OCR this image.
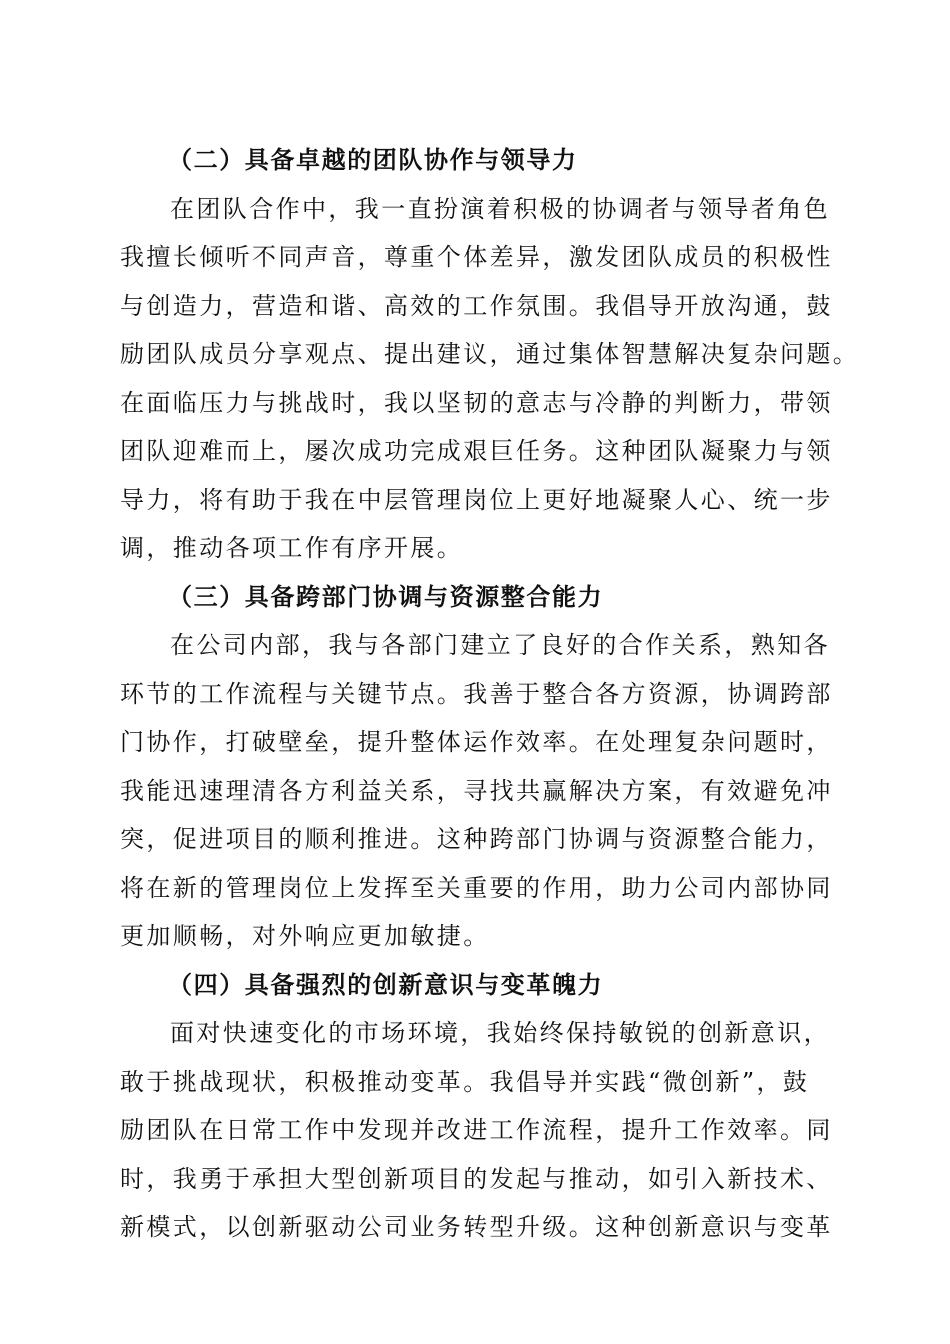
（二）具备卓越的团队协作与领导力
在团队合作中，我一直扮演着积极的协调者与领导者角色
我擅长倾听不同声音，尊重个体差异，激发团队成员的积极性
与创造力，营造和谐、高效的工作氛围。我倡导开放沟通，鼓
励团队成员分享观点、提出建议，通过集体智慧解决复杂问题。
在面临压力与挑战时，我以坚韧的意志与冷静的判断力，带领
团队迎难而上，屡次成功完成艰巨任务。这种团队凝聚力与领
导力，将有助于我在中层管理岗位上更好地凝聚人心、统一步
调，推动各项工作有序开展。
（三）具备跨部门协调与资源整合能力
在公司内部，我与各部门建立了良好的合作关系，熟知各
环节的工作流程与关键节点。我善于整合各方资源，协调跨部
门协作，打破壁垒，提升整体运作效率。在处理复杂问题时，
我能迅速理清各方利益关系，寻找共赢解决方案，有效避免冲
突，促进项目的顺利推进。这种跨部门协调与资源整合能力，
将在新的管理岗位上发挥至关重要的作用，助力公司内部协同
更加顺畅，对外响应更加敏捷。
（四）具备强烈的创新意识与变革魄力
面对快速变化的市场环境，我始终保持敏锐的创新意识，
敢于挑战现状，积极推动变革。我倡导并实践“微创新”，鼓
励团队在日常工作中发现并改进工作流程，提升工作效率。同
时，我勇于承担大型创新项目的发起与推动，如引入新技术、
新模式，以创新驱动公司业务转型升级。这种创新意识与变革
